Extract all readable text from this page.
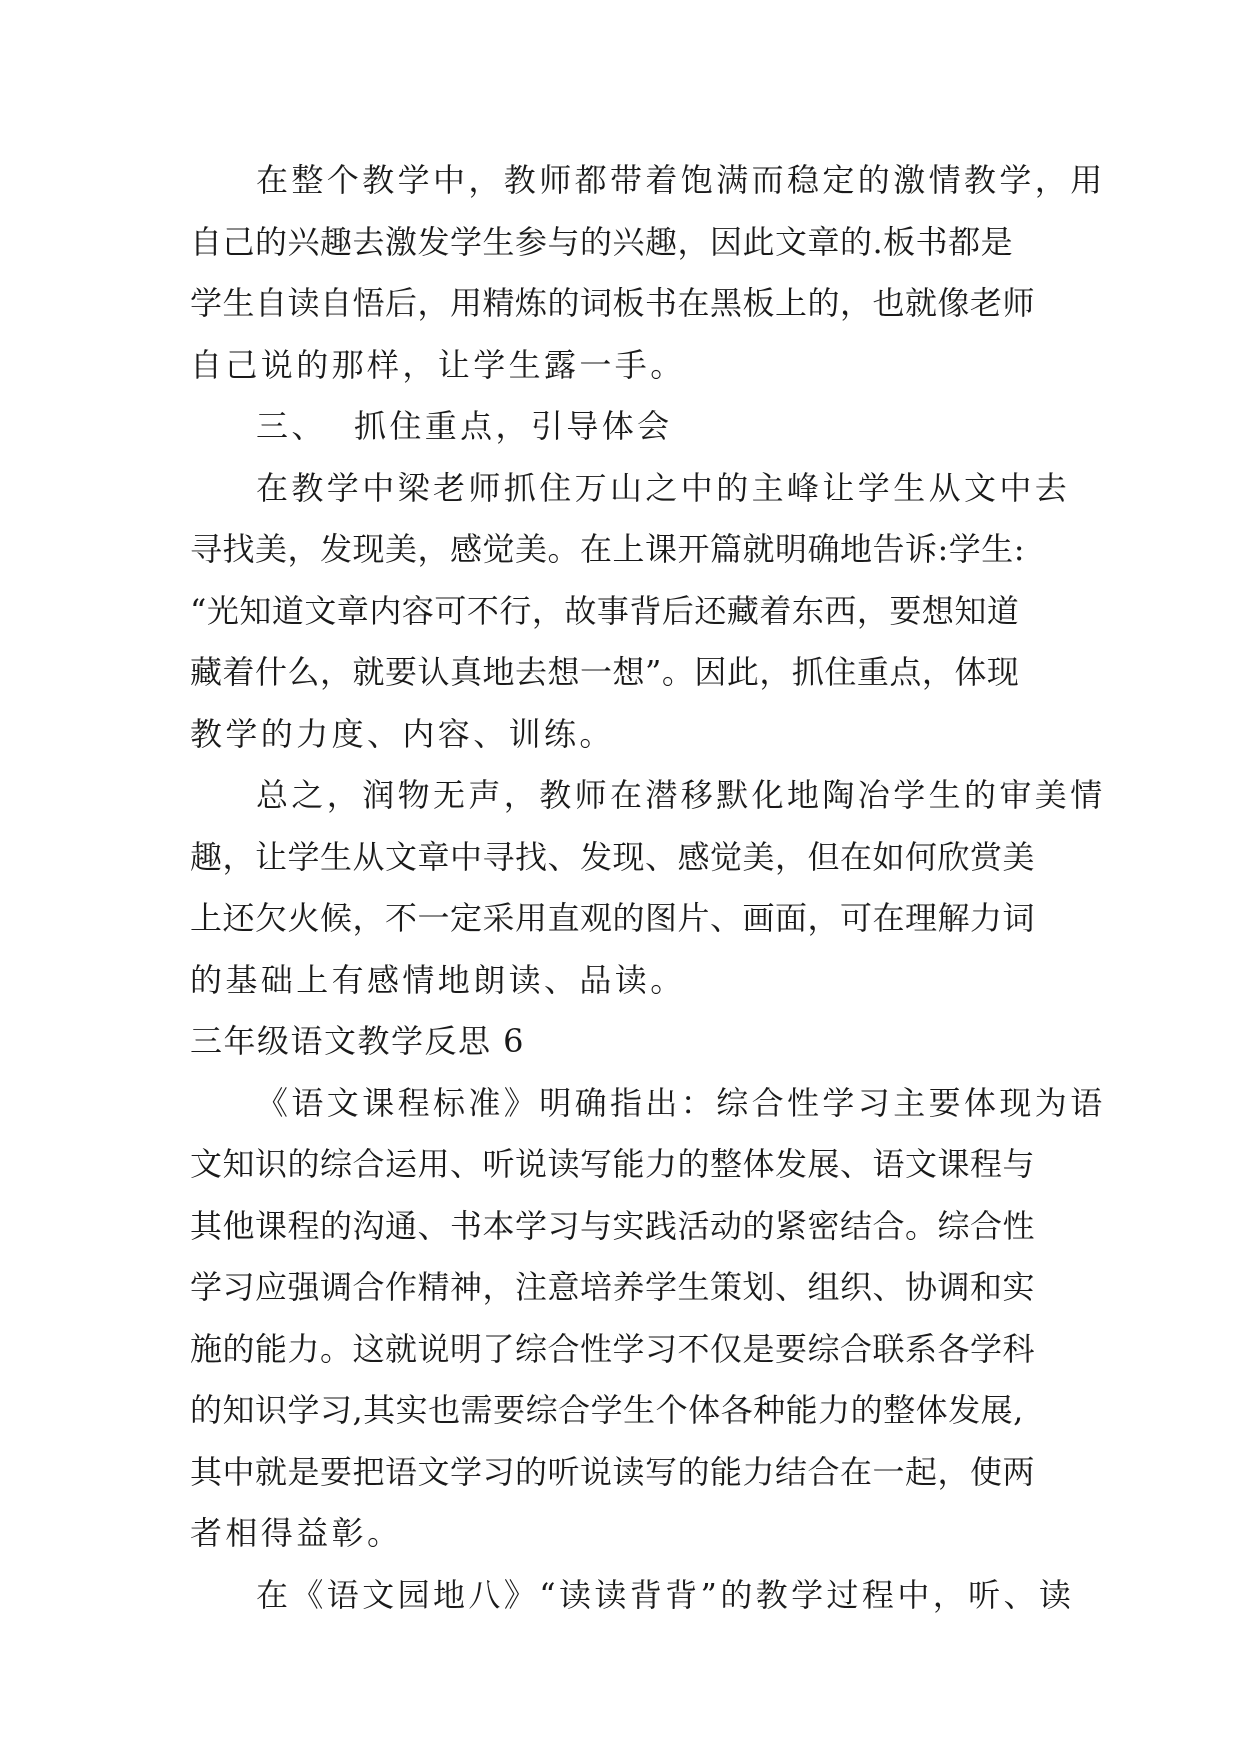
在整个教学中，教师都带着饱满而稳定的激情教学，用
自己的兴趣去激发学生参与的兴趣，因此文章的.板书都是
学生自读自悟后，用精炼的词板书在黑板上的，也就像老师
自己说的那样，让学生露一手。
三、  抓住重点，引导体会
在教学中梁老师抓住万山之中的主峰让学生从文中去
寻找美，发现美，感觉美。在上课开篇就明确地告诉:学生:
“光知道文章内容可不行，故事背后还藏着东西，要想知道
藏着什么，就要认真地去想一想”。因此，抓住重点，体现
教学的力度、内容、训练。
总之，润物无声，教师在潜移默化地陶冶学生的审美情
趣，让学生从文章中寻找、发现、感觉美，但在如何欣赏美
上还欠火候，不一定采用直观的图片、画面，可在理解力词
的基础上有感情地朗读、品读。
三年级语文教学反思 6
《语文课程标准》明确指出：综合性学习主要体现为语
文知识的综合运用、听说读写能力的整体发展、语文课程与
其他课程的沟通、书本学习与实践活动的紧密结合。综合性
学习应强调合作精神，注意培养学生策划、组织、协调和实
施的能力。这就说明了综合性学习不仅是要综合联系各学科
的知识学习,其实也需要综合学生个体各种能力的整体发展,
其中就是要把语文学习的听说读写的能力结合在一起，使两
者相得益彰。
在《语文园地八》“读读背背”的教学过程中，听、读
